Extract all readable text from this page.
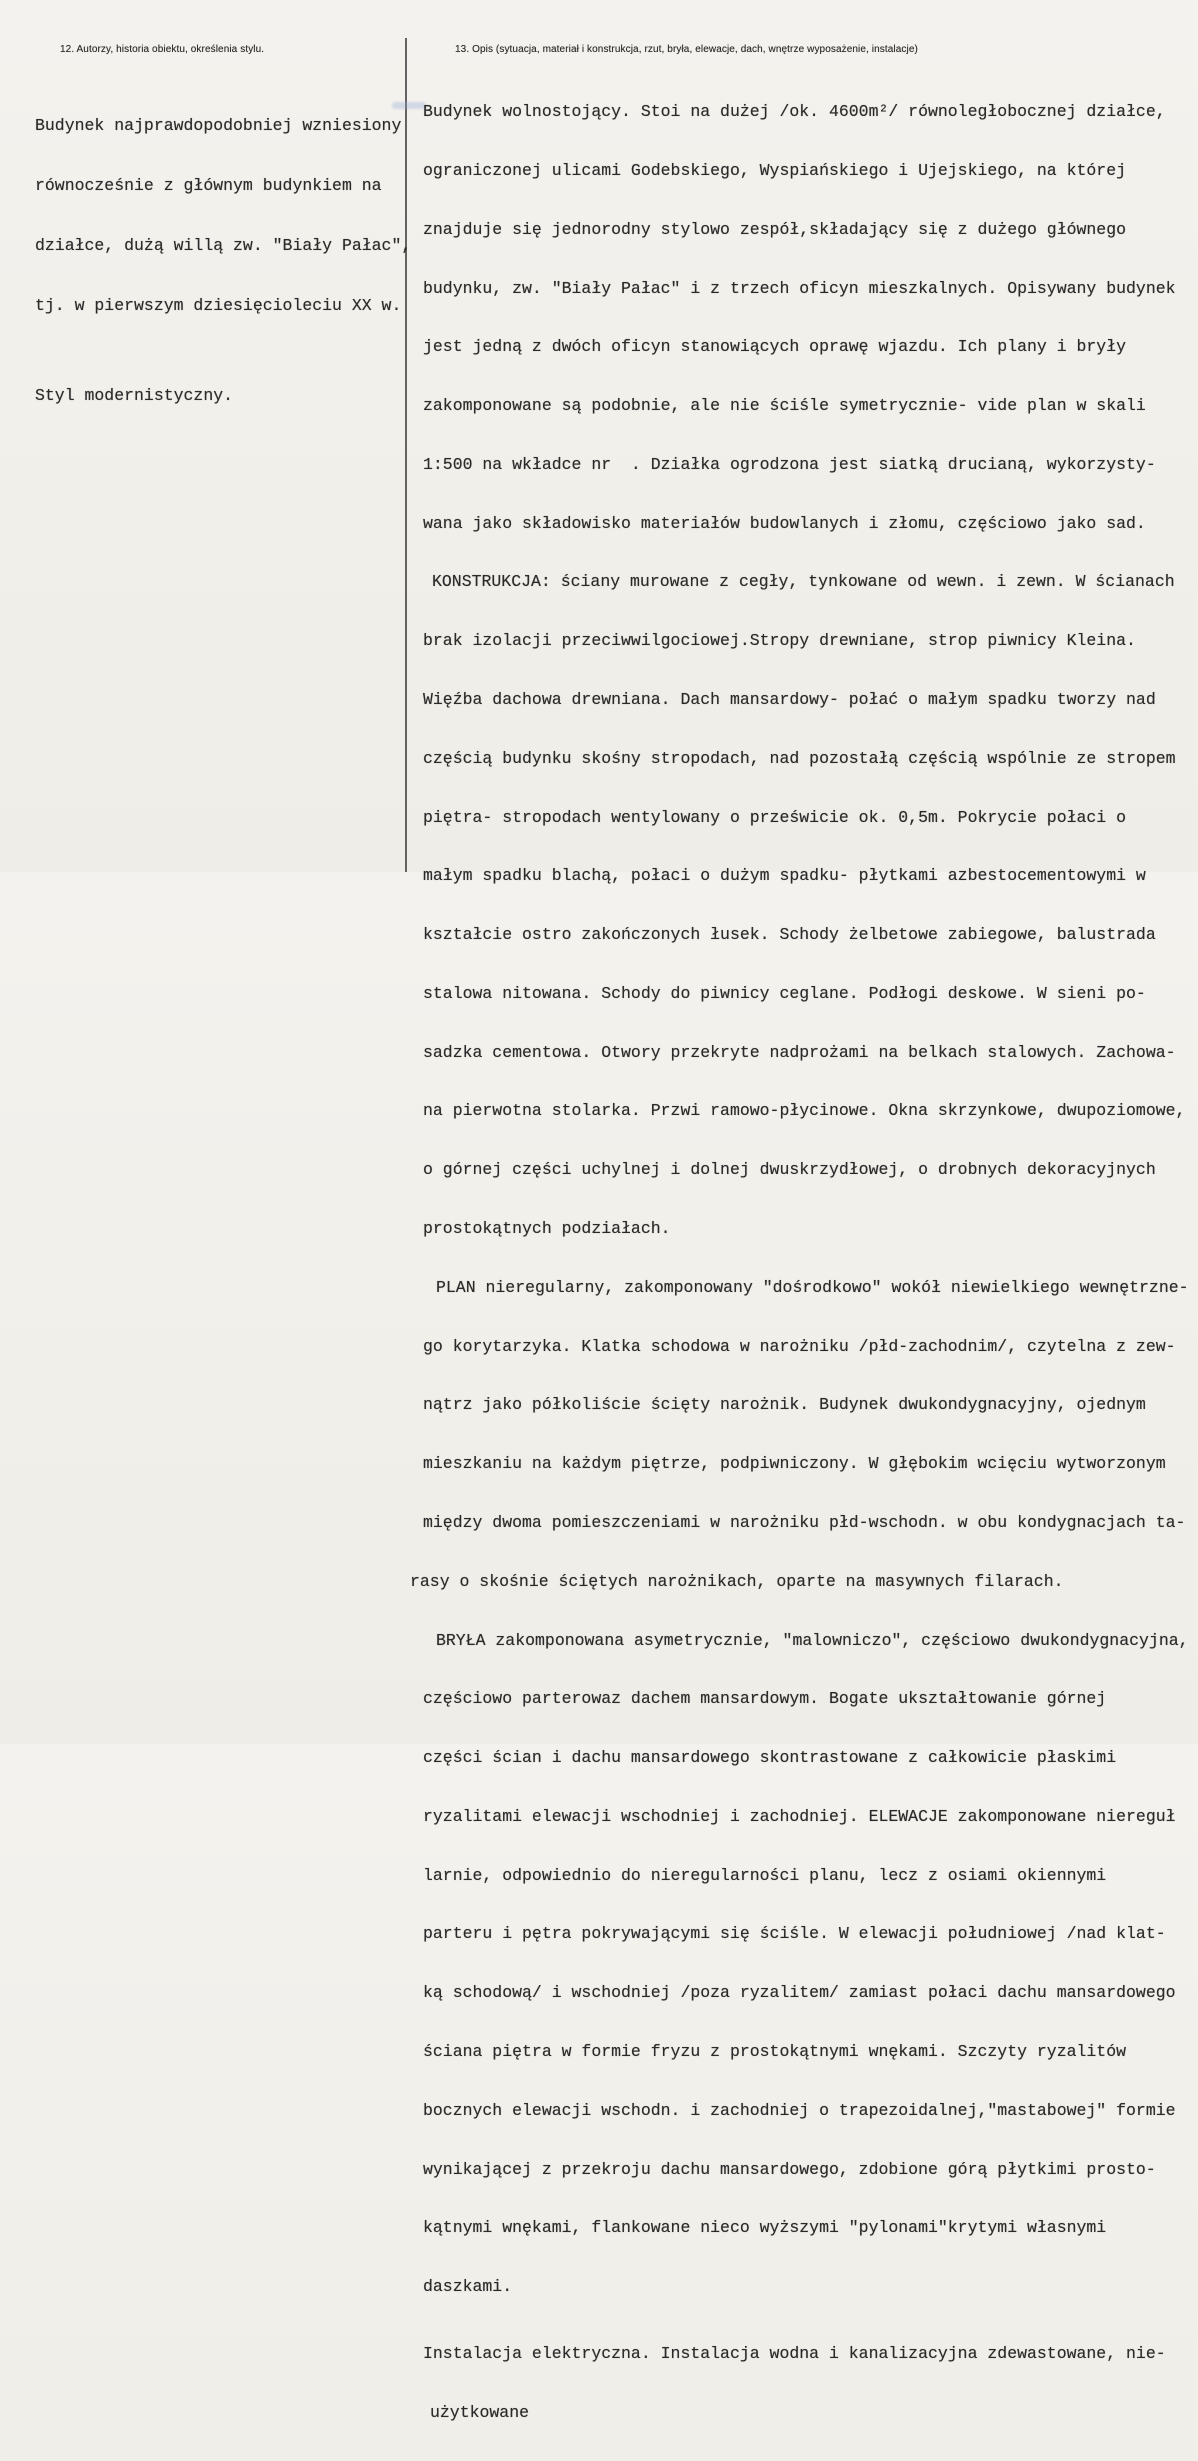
12. Autorzy, historia obiektu, określenia stylu.	13. Opis (sytuacja, materiał i konstrukcja, rzut, bryła, elewacje, dach, wnętrze wyposażenie, instalacje)

Budynek najprawdopodobniej wzniesiony

równocześnie z głównym budynkiem na

działce, dużą willą zw. "Biały Pałac",

tj. w pierwszym dziesięcioleciu XX w.

Styl modernistyczny.

Budynek wolnostojący. Stoi na dużej /ok. 4600m²/ równoległobocznej działce,

ograniczonej ulicami Godebskiego, Wyspiańskiego i Ujejskiego, na której

znajduje się jednorodny stylowo zespół,składający się z dużego głównego

budynku, zw. "Biały Pałac" i z trzech oficyn mieszkalnych. Opisywany budynek

jest jedną z dwóch oficyn stanowiących oprawę wjazdu. Ich plany i bryły

zakomponowane są podobnie, ale nie ściśle symetrycznie- vide plan w skali

1:500 na wkładce nr  . Działka ogrodzona jest siatką drucianą, wykorzysty-

wana jako składowisko materiałów budowlanych i złomu, częściowo jako sad.

KONSTRUKCJA: ściany murowane z cegły, tynkowane od wewn. i zewn. W ścianach

brak izolacji przeciwwilgociowej.Stropy drewniane, strop piwnicy Kleina.

Więźba dachowa drewniana. Dach mansardowy- połać o małym spadku tworzy nad

częścią budynku skośny stropodach, nad pozostałą częścią wspólnie ze stropem

piętra- stropodach wentylowany o prześwicie ok. 0,5m. Pokrycie połaci o

małym spadku blachą, połaci o dużym spadku- płytkami azbestocementowymi w

kształcie ostro zakończonych łusek. Schody żelbetowe zabiegowe, balustrada

stalowa nitowana. Schody do piwnicy ceglane. Podłogi deskowe. W sieni po-

sadzka cementowa. Otwory przekryte nadprożami na belkach stalowych. Zachowa-

na pierwotna stolarka. Przwi ramowo-płycinowe. Okna skrzynkowe, dwupoziomowe,

o górnej części uchylnej i dolnej dwuskrzydłowej, o drobnych dekoracyjnych

prostokątnych podziałach.

PLAN nieregularny, zakomponowany "dośrodkowo" wokół niewielkiego wewnętrzne-

go korytarzyka. Klatka schodowa w narożniku /płd-zachodnim/, czytelna z zew-

nątrz jako półkoliście ścięty narożnik. Budynek dwukondygnacyjny, ojednym

mieszkaniu na każdym piętrze, podpiwniczony. W głębokim wcięciu wytworzonym

między dwoma pomieszczeniami w narożniku płd-wschodn. w obu kondygnacjach ta-

rasy o skośnie ściętych narożnikach, oparte na masywnych filarach.

BRYŁA zakomponowana asymetrycznie, "malowniczo", częściowo dwukondygnacyjna,

częściowo parterowaz dachem mansardowym. Bogate ukształtowanie górnej

części ścian i dachu mansardowego skontrastowane z całkowicie płaskimi

ryzalitami elewacji wschodniej i zachodniej. ELEWACJE zakomponowane niereguł

larnie, odpowiednio do nieregularności planu, lecz z osiami okiennymi

parteru i pętra pokrywającymi się ściśle. W elewacji południowej /nad klat-

ką schodową/ i wschodniej /poza ryzalitem/ zamiast połaci dachu mansardowego

ściana piętra w formie fryzu z prostokątnymi wnękami. Szczyty ryzalitów

bocznych elewacji wschodn. i zachodniej o trapezoidalnej,"mastabowej" formie

wynikającej z przekroju dachu mansardowego, zdobione górą płytkimi prosto-

kątnymi wnękami, flankowane nieco wyższymi "pylonami"krytymi własnymi

daszkami.

Instalacja elektryczna. Instalacja wodna i kanalizacyjna zdewastowane, nie-

użytkowane
